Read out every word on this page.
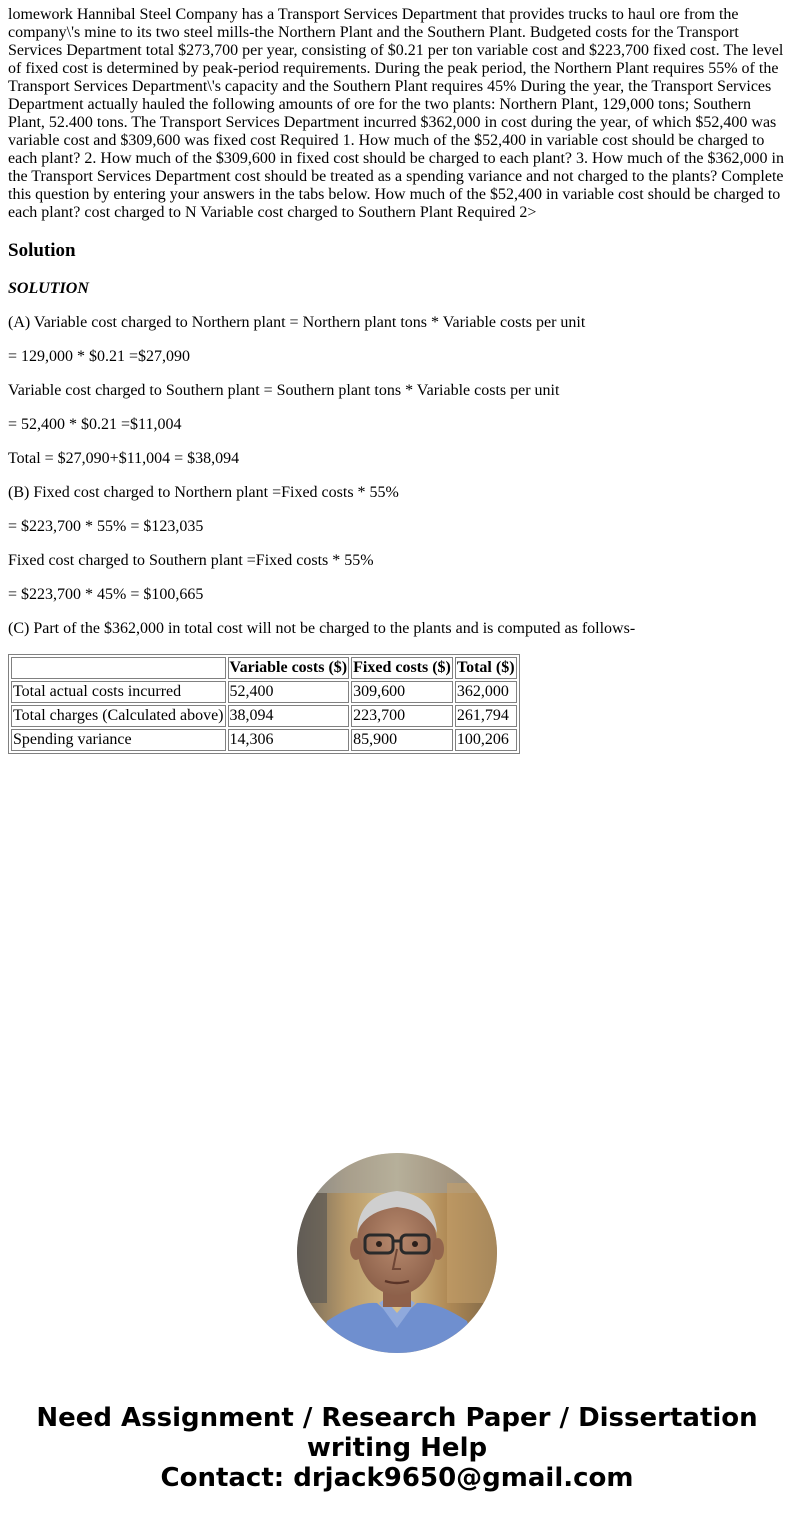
lomework Hannibal Steel Company has a Transport Services Department that provides trucks to haul ore from the company\'s mine to its two steel mills-the Northern Plant and the Southern Plant. Budgeted costs for the Transport Services Department total $273,700 per year, consisting of $0.21 per ton variable cost and $223,700 fixed cost. The level of fixed cost is determined by peak-period requirements. During the peak period, the Northern Plant requires 55% of the Transport Services Department\'s capacity and the Southern Plant requires 45% During the year, the Transport Services Department actually hauled the following amounts of ore for the two plants: Northern Plant, 129,000 tons; Southern Plant, 52.400 tons. The Transport Services Department incurred $362,000 in cost during the year, of which $52,400 was variable cost and $309,600 was fixed cost Required 1. How much of the $52,400 in variable cost should be charged to each plant? 2. How much of the $309,600 in fixed cost should be charged to each plant? 3. How much of the $362,000 in the Transport Services Department cost should be treated as a spending variance and not charged to the plants? Complete this question by entering your answers in the tabs below. How much of the $52,400 in variable cost should be charged to each plant? cost charged to N Variable cost charged to Southern Plant Required 2>

Solution

SOLUTION

(A) Variable cost charged to Northern plant = Northern plant tons * Variable costs per unit

= 129,000 * $0.21 =$27,090

Variable cost charged to Southern plant = Southern plant tons * Variable costs per unit

= 52,400 * $0.21 =$11,004

Total = $27,090+$11,004 = $38,094

(B) Fixed cost charged to Northern plant =Fixed costs * 55%

= $223,700 * 55% = $123,035

Fixed cost charged to Southern plant =Fixed costs * 55%

= $223,700 * 45% = $100,665

(C) Part of the $362,000 in total cost will not be charged to the plants and is computed as follows-

	Variable costs ($)	Fixed costs ($)	Total ($)
Total actual costs incurred	52,400	309,600	362,000
Total charges (Calculated above)	38,094	223,700	261,794
Spending variance	14,306	85,900	100,206
Need Assignment / Research Paper / Dissertation
writing Help
Contact: drjack9650@gmail.com
